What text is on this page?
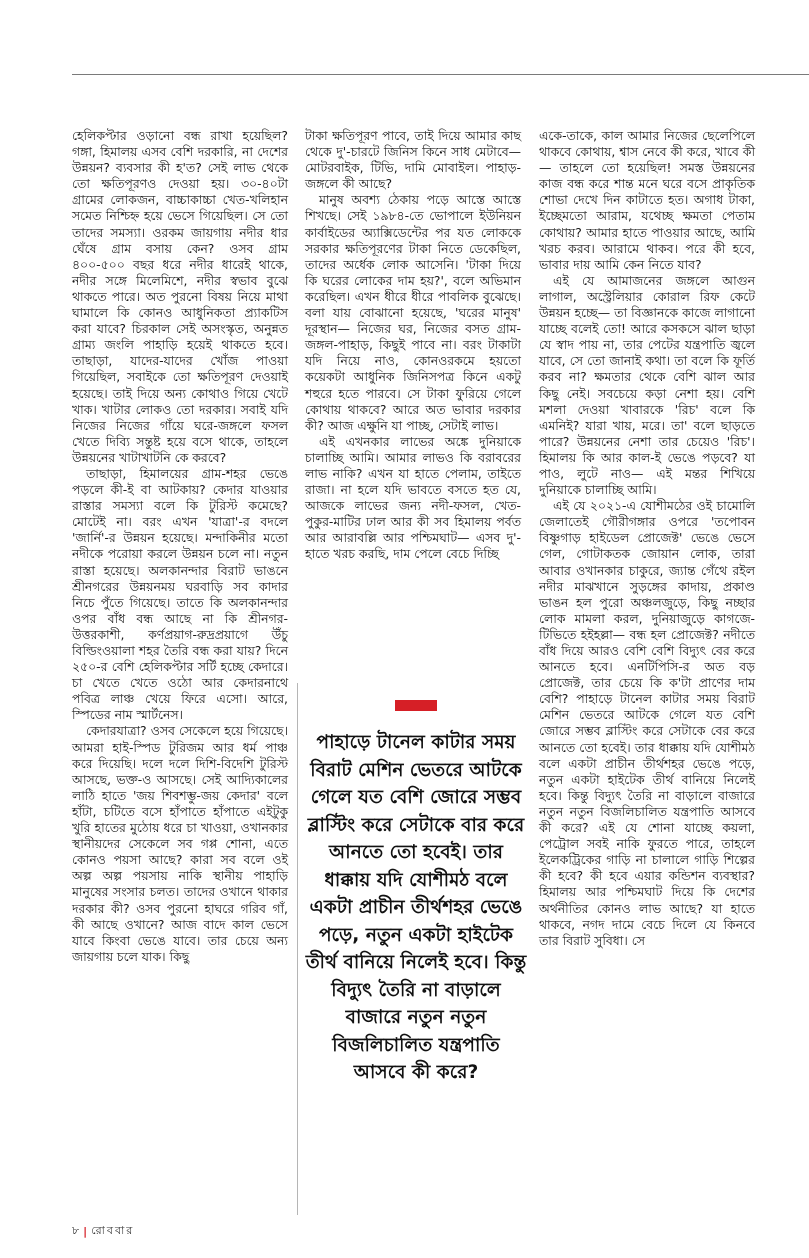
হেলিকপ্টার ওড়ানো বন্ধ রাখা হয়েছিল? গঙ্গা, হিমালয় এসব বেশি দরকারি, না দেশের উন্নয়ন? ব্যবসার কী হ'ত? সেই লাভ থেকে তো ক্ষতিপূরণও দেওয়া হয়। ৩০-৪০টা গ্রামের লোকজন, বাচ্চাকাচ্চা খেত-খলিহান সমেত নিশ্চিহ্ন হয়ে ভেসে গিয়েছিল। সে তো তাদের সমস্যা। ওরকম জায়গায় নদীর ধার ঘেঁষে গ্রাম বসায় কেন? ওসব গ্রাম ৪০০-৫০০ বছর ধরে নদীর ধারেই থাকে, নদীর সঙ্গে মিলেমিশে, নদীর স্বভাব বুঝে থাকতে পারে। অত পুরনো বিষয় নিয়ে মাথা ঘামালে কি কোনও আধুনিকতা প্র্যাকটিস করা যাবে? চিরকাল সেই অসংস্কৃত, অনুন্নত গ্রাম্য জংলি পাহাড়ি হয়েই থাকতে হবে। তাছাড়া, যাদের-যাদের খোঁজ পাওয়া গিয়েছিল, সবাইকে তো ক্ষতিপূরণ দেওয়াই হয়েছে। তাই দিয়ে অন্য কোথাও গিয়ে খেটে খাক। খাটার লোকও তো দরকার। সবাই যদি নিজের নিজের গাঁয়ে ঘরে-জঙ্গলে ফসল খেতে দিব্যি সন্তুষ্ট হয়ে বসে থাকে, তাহলে উন্নয়নের খাটাখাটনি কে করবে?

তাছাড়া, হিমালয়ের গ্রাম-শহর ভেঙে পড়লে কী-ই বা আটকায়? কেদার যাওয়ার রাস্তার সমস্যা বলে কি টুরিস্ট কমেছে? মোটেই না। বরং এখন 'যাত্রা'-র বদলে 'জার্নি'-র উন্নয়ন হয়েছে। মন্দাকিনীর মতো নদীকে পরোয়া করলে উন্নয়ন চলে না। নতুন রাস্তা হয়েছে। অলকানন্দার বিরাট ভাঙনে শ্রীনগরের উন্নয়নময় ঘরবাড়ি সব কাদার নিচে পুঁতে গিয়েছে। তাতে কি অলকানন্দার ওপর বাঁধ বন্ধ আছে না কি শ্রীনগর-উত্তরকাশী, কর্ণপ্রয়াগ-রুদ্রপ্রয়াগে উঁচু বিল্ডিংওয়ালা শহর তৈরি বন্ধ করা যায়? দিনে ২৫০-র বেশি হেলিকপ্টার সর্টি হচ্ছে কেদারে। চা খেতে খেতে ওঠো আর কেদারনাথে পবিত্র লাঞ্চ খেয়ে ফিরে এসো। আরে, স্পিডের নাম স্মার্টনেস।

কেদারযাত্রা? ওসব সেকেলে হয়ে গিয়েছে। আমরা হাই-স্পিড টুরিজম আর ধর্ম পাঞ্চ করে দিয়েছি। দলে দলে দিশি-বিদেশি টুরিস্ট আসছে, ভক্ত-ও আসছে। সেই আদ্যিকালের লাঠি হাতে 'জয় শিবশম্ভু-জয় কেদার' বলে হাঁটা, চটিতে বসে হাঁপাতে হাঁপাতে এইটুকু খুরি হাতের মুঠোয় ধরে চা খাওয়া, ওখানকার স্থানীয়দের সেকেলে সব গপ্প শোনা, এতে কোনও পয়সা আছে? কারা সব বলে ওই অল্প অল্প পয়সায় নাকি স্থানীয় পাহাড়ি মানুষের সংসার চলত। তাদের ওখানে থাকার দরকার কী? ওসব পুরনো হাঘরে গরিব গাঁ, কী আছে ওখানে? আজ বাদে কাল ভেসে যাবে কিংবা ভেঙে যাবে। তার চেয়ে অন্য জায়গায় চলে যাক। কিছু

টাকা ক্ষতিপূরণ পাবে, তাই দিয়ে আমার কাছ থেকে দু'-চারটে জিনিস কিনে সাধ মেটাবে— মোটরবাইক, টিভি, দামি মোবাইল। পাহাড়-জঙ্গলে কী আছে?

মানুষ অবশ্য ঠেকায় পড়ে আস্তে আস্তে শিখছে। সেই ১৯৮৪-তে ভোপালে ইউনিয়ন কার্বাইডের অ্যাক্সিডেন্টের পর যত লোককে সরকার ক্ষতিপূরণের টাকা নিতে ডেকেছিল, তাদের অর্ধেক লোক আসেনি। 'টাকা দিয়ে কি ঘরের লোকের দাম হয়?', বলে অভিমান করেছিল। এখন ধীরে ধীরে পাবলিক বুঝেছে। বলা যায় বোঝানো হয়েছে, 'ঘরের মানুষ' দূরস্থান— নিজের ঘর, নিজের বসত গ্রাম-জঙ্গল-পাহাড়, কিছুই পাবে না। বরং টাকাটা যদি নিয়ে নাও, কোনওরকমে হয়তো কয়েকটা আধুনিক জিনিসপত্র কিনে একটু শহুরে হতে পারবে। সে টাকা ফুরিয়ে গেলে কোথায় থাকবে? আরে অত ভাবার দরকার কী? আজ এক্ষুনি যা পাচ্ছ, সেটাই লাভ।

এই এখনকার লাভের অঙ্কে দুনিয়াকে চালাচ্ছি আমি। আমার লাভও কি বরাবরের লাভ নাকি? এখন যা হাতে পেলাম, তাইতে রাজা। না হলে যদি ভাবতে বসতে হত যে, আজকে লাভের জন্য নদী-ফসল, খেত-পুকুর-মাটির ঢাল আর কী সব হিমালয় পর্বত আর আরাবল্লি আর পশ্চিমঘাট— এসব দু'-হাতে খরচ করছি, দাম পেলে বেচে দিচ্ছি

পাহাড়ে টানেল কাটার সময় বিরাট মেশিন ভেতরে আটকে গেলে যত বেশি জোরে সম্ভব ব্লাস্টিং করে সেটাকে বার করে আনতে তো হবেই। তার ধাক্কায় যদি যোশীমঠ বলে একটা প্রাচীন তীর্থশহর ভেঙে পড়ে, নতুন একটা হাইটেক তীর্থ বানিয়ে নিলেই হবে। কিন্তু বিদ্যুৎ তৈরি না বাড়ালে বাজারে নতুন নতুন বিজলিচালিত যন্ত্রপাতি আসবে কী করে?

একে-তাকে, কাল আমার নিজের ছেলেপিলে থাকবে কোথায়, শ্বাস নেবে কী করে, খাবে কী— তাহলে তো হয়েছিল! সমস্ত উন্নয়নের কাজ বন্ধ করে শান্ত মনে ঘরে বসে প্রাকৃতিক শোভা দেখে দিন কাটাতে হত। অগাধ টাকা, ইচ্ছেমতো আরাম, যথেচ্ছ ক্ষমতা পেতাম কোথায়? আমার হাতে পাওয়ার আছে, আমি খরচ করব। আরামে থাকব। পরে কী হবে, ভাবার দায় আমি কেন নিতে যাব?

এই যে আমাজনের জঙ্গলে আগুন লাগাল, অস্ট্রেলিয়ার কোরাল রিফ কেটে উন্নয়ন হচ্ছে— তা বিজ্ঞানকে কাজে লাগানো যাচ্ছে বলেই তো! আরে কসকসে ঝাল ছাড়া যে স্বাদ পায় না, তার পেটের যন্ত্রপাতি জ্বলে যাবে, সে তো জানাই কথা। তা বলে কি ফূর্তি করব না? ক্ষমতার থেকে বেশি ঝাল আর কিছু নেই। সবচেয়ে কড়া নেশা হয়। বেশি মশলা দেওয়া খাবারকে 'রিচ' বলে কি এমনিই? যারা খায়, মরে। তা' বলে ছাড়তে পারে? উন্নয়নের নেশা তার চেয়েও 'রিচ'। হিমালয় কি আর কাল-ই ভেঙে পড়বে? যা পাও, লুটে নাও— এই মন্তর শিখিয়ে দুনিয়াকে চালাচ্ছি আমি।

এই যে ২০২১-এ যোশীমঠের ওই চামোলি জেলাতেই গৌরীগঙ্গার ওপরে 'তপোবন বিষ্ণুগাড় হাইডেল প্রোজেক্ট' ভেঙে ভেসে গেল, গোটাকতক জোয়ান লোক, তারা আবার ওখানকার চাকুরে, জ্যান্ত গেঁথে রইল নদীর মাঝখানে সুড়ঙ্গের কাদায়, প্রকাণ্ড ভাঙন হল পুরো অঞ্চলজুড়ে, কিছু নচ্ছার লোক মামলা করল, দুনিয়াজুড়ে কাগজে-টিভিতে হইহল্লা— বন্ধ হল প্রোজেক্ট? নদীতে বাঁধ দিয়ে আরও বেশি বেশি বিদ্যুৎ বের করে আনতে হবে। এনটিপিসি-র অত বড় প্রোজেক্ট, তার চেয়ে কি ক'টা প্রাণের দাম বেশি? পাহাড়ে টানেল কাটার সময় বিরাট মেশিন ভেতরে আটকে গেলে যত বেশি জোরে সম্ভব ব্লাস্টিং করে সেটাকে বের করে আনতে তো হবেই। তার ধাক্কায় যদি যোশীমঠ বলে একটা প্রাচীন তীর্থশহর ভেঙে পড়ে, নতুন একটা হাইটেক তীর্থ বানিয়ে নিলেই হবে। কিন্তু বিদ্যুৎ তৈরি না বাড়ালে বাজারে নতুন নতুন বিজলিচালিত যন্ত্রপাতি আসবে কী করে? এই যে শোনা যাচ্ছে কয়লা, পেট্রোল সবই নাকি ফুরতে পারে, তাহলে ইলেকট্রিকের গাড়ি না চালালে গাড়ি শিল্পের কী হবে? কী হবে এয়ার কন্ডিশন ব্যবস্থার? হিমালয় আর পশ্চিমঘাট দিয়ে কি দেশের অর্থনীতির কোনও লাভ আছে? যা হাতে থাকবে, নগদ দামে বেচে দিলে যে কিনবে তার বিরাট সুবিধা। সে

৮ | রোববার
